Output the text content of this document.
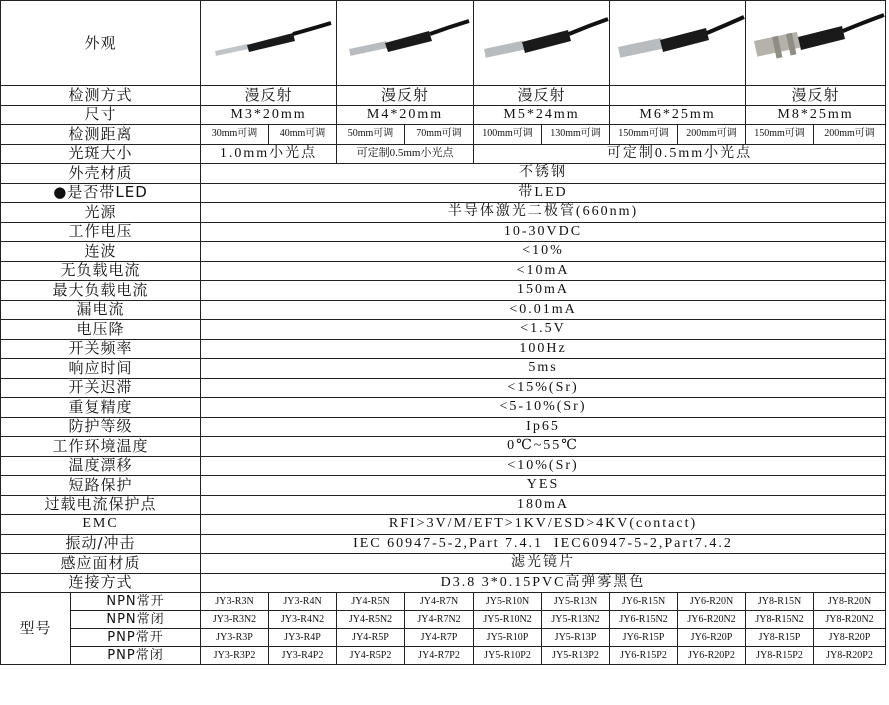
外观	

检测方式		漫反射		漫反射		漫反射				漫反射	
尺寸		M3*20mm		M4*20mm		M5*24mm		M6*25mm		M8*25mm	
检测距离		30mm可调	40mm可调	50mm可调	70mm可调	100mm可调	130mm可调	150mm可调	200mm可调	150mm可调	200mm可调
光斑大小		1.0mm小光点		可定制0.5mm小光点		可定制0.5mm小光点					
外壳材质		不锈钢									
●是否带LED		带LED									
光源		半导体激光二极管(660nm)									
工作电压		10-30VDC									
连波		<10%									
无负载电流		<10mA									
最大负载电流		150mA									
漏电流		<0.01mA									
电压降		<1.5V									
开关频率		100Hz									
响应时间		5ms									
开关迟滞		<15%(Sr)									
重复精度		<5-10%(Sr)									
防护等级		Ip65									
工作环境温度		0℃~55℃									
温度漂移		<10%(Sr)									
短路保护		YES									
过载电流保护点		180mA									
EMC		RFI>3V/M/EFT>1KV/ESD>4KV(contact)									
振动/冲击		IEC 60947-5-2,Part 7.4.1  IEC60947-5-2,Part7.4.2									
感应面材质		滤光镜片									
连接方式		D3.8 3*0.15PVC高弹雾黑色									
型号	NPN常开	JY3-R3N	JY3-R4N	JY4-R5N	JY4-R7N	JY5-R10N	JY5-R13N	JY6-R15N	JY6-R20N	JY8-R15N	JY8-R20N
	NPN常闭	JY3-R3N2	JY3-R4N2	JY4-R5N2	JY4-R7N2	JY5-R10N2	JY5-R13N2	JY6-R15N2	JY6-R20N2	JY8-R15N2	JY8-R20N2
	PNP常开	JY3-R3P	JY3-R4P	JY4-R5P	JY4-R7P	JY5-R10P	JY5-R13P	JY6-R15P	JY6-R20P	JY8-R15P	JY8-R20P
	PNP常闭	JY3-R3P2	JY3-R4P2	JY4-R5P2	JY4-R7P2	JY5-R10P2	JY5-R13P2	JY6-R15P2	JY6-R20P2	JY8-R15P2	JY8-R20P2
